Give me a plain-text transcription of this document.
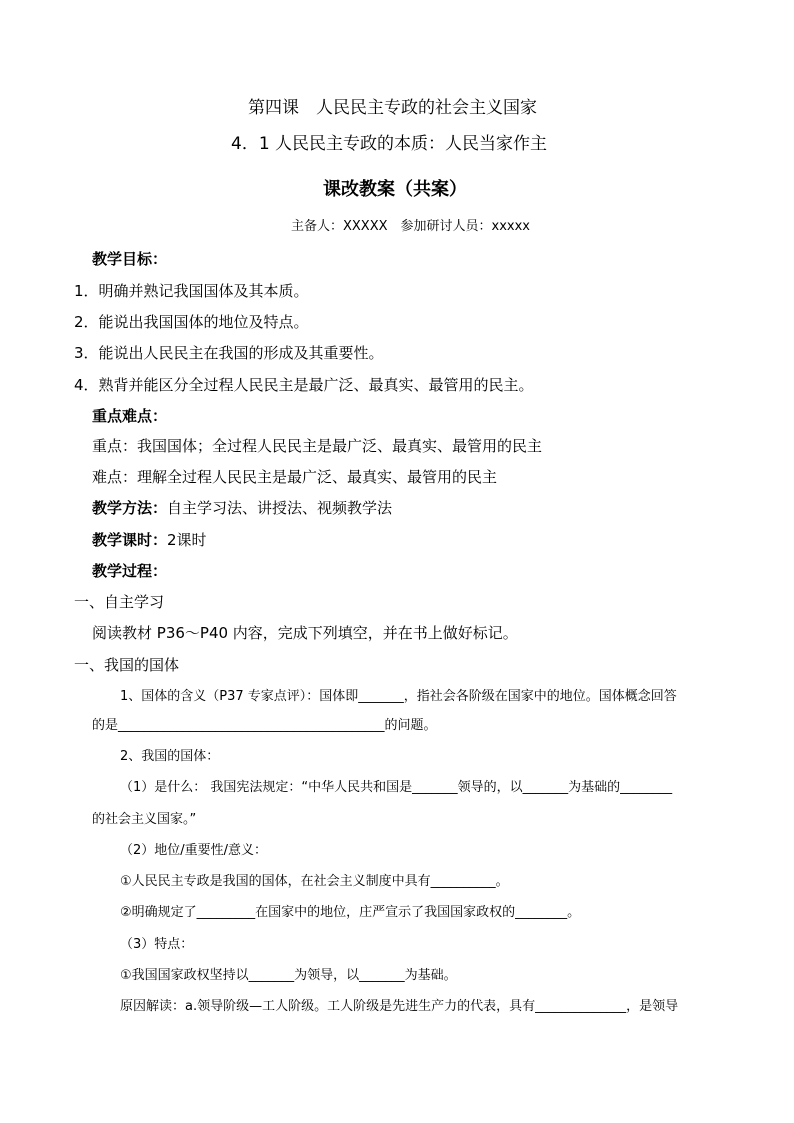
第四课　人民民主专政的社会主义国家
4．1 人民民主专政的本质：人民当家作主
课改教案（共案）
主备人：XXXXX　参加研讨人员：xxxxx
教学目标：
1．明确并熟记我国国体及其本质。
2．能说出我国国体的地位及特点。
3．能说出人民民主在我国的形成及其重要性。
4．熟背并能区分全过程人民民主是最广泛、最真实、最管用的民主。
重点难点：
重点：我国国体；全过程人民民主是最广泛、最真实、最管用的民主
难点：理解全过程人民民主是最广泛、最真实、最管用的民主
教学方法：自主学习法、讲授法、视频教学法
教学课时：2课时
教学过程：
一、自主学习
阅读教材 P36～P40 内容，完成下列填空，并在书上做好标记。
一、我国的国体
1、国体的含义（P37 专家点评）：国体即_______，指社会各阶级在国家中的地位。国体概念回答
的是_________________________________________的问题。
2、我国的国体：
（1）是什么： 我国宪法规定：“中华人民共和国是_______领导的，以_______为基础的________
的社会主义国家。”
（2）地位/重要性/意义：
①人民民主专政是我国的国体，在社会主义制度中具有__________。
②明确规定了_________在国家中的地位，庄严宣示了我国国家政权的________。
（3）特点：
①我国国家政权坚持以_______为领导，以_______为基础。
原因解读：a.领导阶级—工人阶级。工人阶级是先进生产力的代表，具有______________，是领导
